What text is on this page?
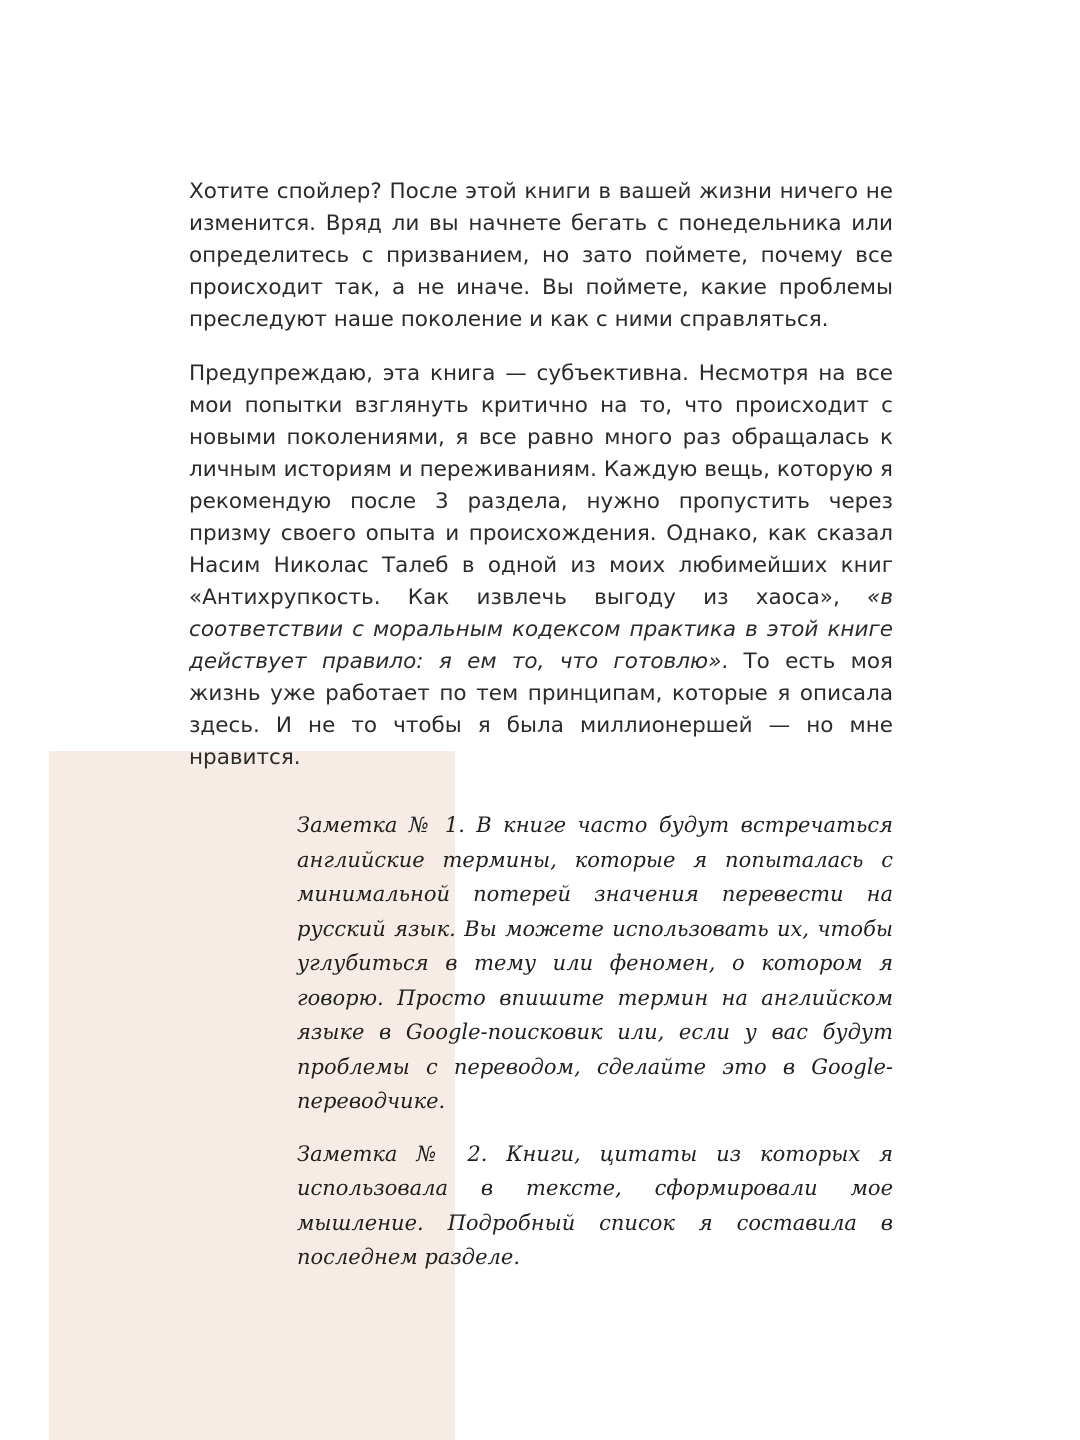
Хотите спойлер? После этой книги в вашей жизни ничего не изменится. Вряд ли вы начнете бегать с понедельника или определитесь с призванием, но зато поймете, почему все происходит так, а не иначе. Вы поймете, какие проблемы преследуют наше поколение и как с ними справляться.

Предупреждаю, эта книга — субъективна. Несмотря на все мои попытки взглянуть критично на то, что происходит с новыми поколениями, я все равно много раз обращалась к личным историям и переживаниям. Каждую вещь, которую я рекомендую после 3 раздела, нужно пропустить через призму своего опыта и происхождения. Однако, как сказал Насим Николас Талеб в одной из моих любимейших книг «Антихрупкость. Как извлечь выгоду из хаоса», «в соответствии с моральным кодексом практика в этой книге действует правило: я ем то, что готовлю». То есть моя жизнь уже работает по тем принципам, которые я описала здесь. И не то чтобы я была миллионершей — но мне нравится.

Заметка № 1. В книге часто будут встречаться английские термины, которые я попыталась с минимальной потерей значения перевести на русский язык. Вы можете использовать их, чтобы углубиться в тему или феномен, о котором я говорю. Просто впишите термин на английском языке в Google-поисковик или, если у вас будут проблемы с переводом, сделайте это в Google-переводчике.

Заметка № 2. Книги, цитаты из которых я использовала в тексте, сформировали мое мышление. Подробный список я составила в последнем разделе.
